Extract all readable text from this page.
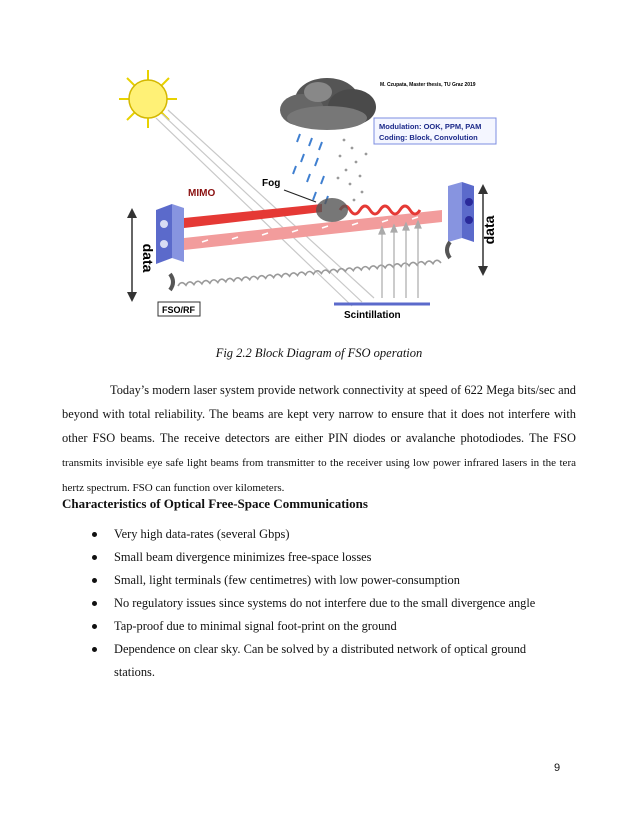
M. Czupata, Master thesis, TU Graz 2019
Modulation: OOK, PPM, PAM
Coding: Block, Convolution
data
data
Fog
MIMO
FSO/RF	Scintillation
Fig 2.2 Block Diagram of FSO operation
Today’s modern laser system provide network connectivity at speed of 622 Mega bits/sec and beyond with total reliability. The beams are kept very narrow to ensure that it does not interfere with other FSO beams. The receive detectors are either PIN diodes or avalanche photodiodes. The FSO transmits invisible eye safe light beams from transmitter to the receiver using low power infrared lasers in the tera hertz spectrum. FSO can function over kilometers.
Characteristics of Optical Free-Space Communications
Very high data-rates (several Gbps)
Small beam divergence minimizes free-space losses
Small, light terminals (few centimetres) with low power-consumption
No regulatory issues since systems do not interfere due to the small divergence angle
Tap-proof due to minimal signal foot-print on the ground
Dependence on clear sky. Can be solved by a distributed network of optical ground stations.
9
